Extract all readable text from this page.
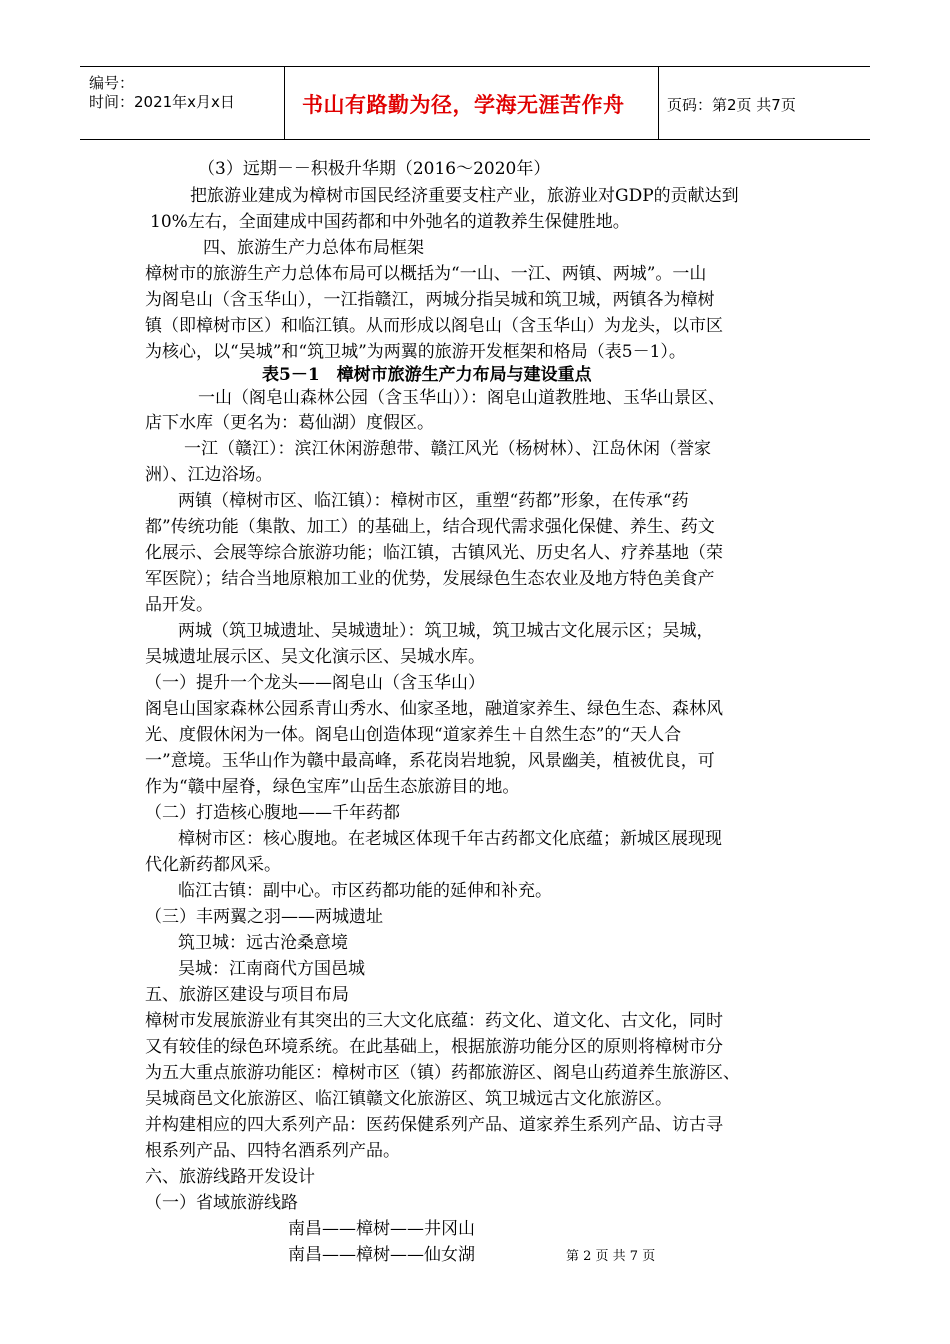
编号：
时间：2021年x月x日	书山有路勤为径，学海无涯苦作舟	页码：第2页 共7页
（3）远期－－积极升华期（2016～2020年）
把旅游业建成为樟树市国民经济重要支柱产业，旅游业对GDP的贡献达到
10%左右，全面建成中国药都和中外弛名的道教养生保健胜地。
四、旅游生产力总体布局框架
樟树市的旅游生产力总体布局可以概括为“一山、一江、两镇、两城”。一山
为阁皂山（含玉华山），一江指赣江，两城分指吴城和筑卫城，两镇各为樟树
镇（即樟树市区）和临江镇。从而形成以阁皂山（含玉华山）为龙头，以市区
为核心，以“吴城”和“筑卫城”为两翼的旅游开发框架和格局（表5－1）。
表5－1　樟树市旅游生产力布局与建设重点
一山（阁皂山森林公园（含玉华山））：阁皂山道教胜地、玉华山景区、
店下水库（更名为：葛仙湖）度假区。
一江（赣江）：滨江休闲游憩带、赣江风光（杨树林）、江岛休闲（誉家
洲）、江边浴场。
两镇（樟树市区、临江镇）：樟树市区，重塑“药都”形象，在传承“药
都”传统功能（集散、加工）的基础上，结合现代需求强化保健、养生、药文
化展示、会展等综合旅游功能；临江镇，古镇风光、历史名人、疗养基地（荣
军医院）；结合当地原粮加工业的优势，发展绿色生态农业及地方特色美食产
品开发。
两城（筑卫城遗址、吴城遗址）：筑卫城，筑卫城古文化展示区；吴城，
吴城遗址展示区、吴文化演示区、吴城水库。
（一）提升一个龙头——阁皂山（含玉华山）
阁皂山国家森林公园系青山秀水、仙家圣地，融道家养生、绿色生态、森林风
光、度假休闲为一体。阁皂山创造体现“道家养生＋自然生态”的“天人合
一”意境。玉华山作为赣中最高峰，系花岗岩地貌，风景幽美，植被优良，可
作为“赣中屋脊，绿色宝库”山岳生态旅游目的地。
（二）打造核心腹地——千年药都
樟树市区：核心腹地。在老城区体现千年古药都文化底蕴；新城区展现现
代化新药都风采。
临江古镇：副中心。市区药都功能的延伸和补充。
（三）丰两翼之羽——两城遗址
筑卫城：远古沧桑意境
吴城：江南商代方国邑城
五、旅游区建设与项目布局
樟树市发展旅游业有其突出的三大文化底蕴：药文化、道文化、古文化，同时
又有较佳的绿色环境系统。在此基础上，根据旅游功能分区的原则将樟树市分
为五大重点旅游功能区：樟树市区（镇）药都旅游区、阁皂山药道养生旅游区、
吴城商邑文化旅游区、临江镇赣文化旅游区、筑卫城远古文化旅游区。
并构建相应的四大系列产品：医药保健系列产品、道家养生系列产品、访古寻
根系列产品、四特名酒系列产品。
六、旅游线路开发设计
（一）省域旅游线路
南昌——樟树——井冈山
南昌——樟树——仙女湖	第 2 页 共 7 页
